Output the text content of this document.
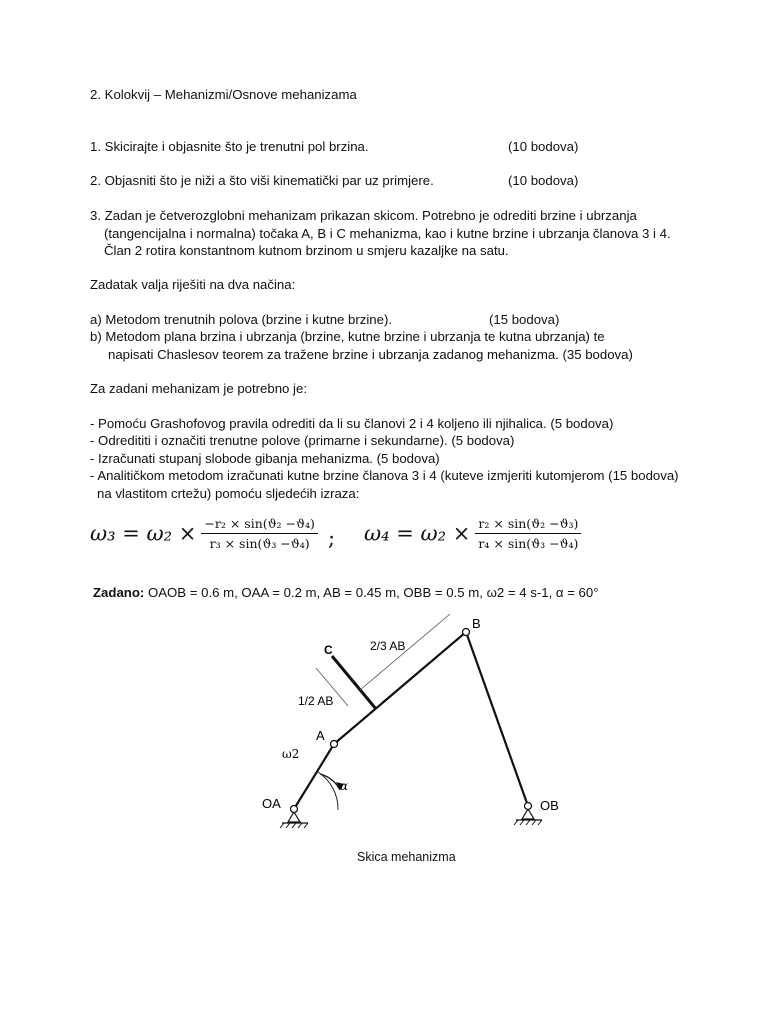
2. Kolokvij – Mehanizmi/Osnove mehanizama
1. Skicirajte i objasnite što je trenutni pol brzina.	(10 bodova)
2. Objasniti što je niži a što viši kinematički par uz primjere.	(10 bodova)
3. Zadan je četverozglobni mehanizam prikazan skicom. Potrebno je odrediti brzine i ubrzanja
(tangencijalna i normalna) točaka A, B i C mehanizma, kao i kutne brzine i ubrzanja članova 3 i 4.
Član 2 rotira konstantnom kutnom brzinom u smjeru kazaljke na satu.
Zadatak valja riješiti na dva načina:
a) Metodom trenutnih polova (brzine i kutne brzine).	(15 bodova)
b) Metodom plana brzina i ubrzanja (brzine, kutne brzine i ubrzanja te kutna ubrzanja) te
napisati Chaslesov teorem za tražene brzine i ubrzanja zadanog mehanizma. (35 bodova)
Za zadani mehanizam je potrebno je:
- Pomoću Grashofovog pravila odrediti da li su članovi 2 i 4 koljeno ili njihalica. (5 bodova)
- Odredititi i označiti trenutne polove (primarne i sekundarne). (5 bodova)
- Izračunati stupanj slobode gibanja mehanizma. (5 bodova)
- Analitičkom metodom izračunati kutne brzine članova 3 i 4 (kuteve izmjeriti kutomjerom (15 bodova)
na vlastitom crtežu) pomoću sljedećih izraza:
$\omega_3 = \omega_2 \times \frac{\text{−r₂ × sin(ϑ₂ −ϑ₄)}}{\text{r₃ × sin(ϑ₃ −ϑ₄)}}$ ; $\omega_4 = \omega_2 \times \frac{\text{r₂ × sin(ϑ₂ −ϑ₃)}}{\text{r₄ × sin(ϑ₃ −ϑ₄)}}$
Zadano: OAOB = 0.6 m, OAA = 0.2 m, AB = 0.45 m, OBB = 0.5 m, ω2 = 4 s-1, α = 60°
B
C
A
OA	OB
2/3 AB
1/2 AB
ω2
α
Skica mehanizma
